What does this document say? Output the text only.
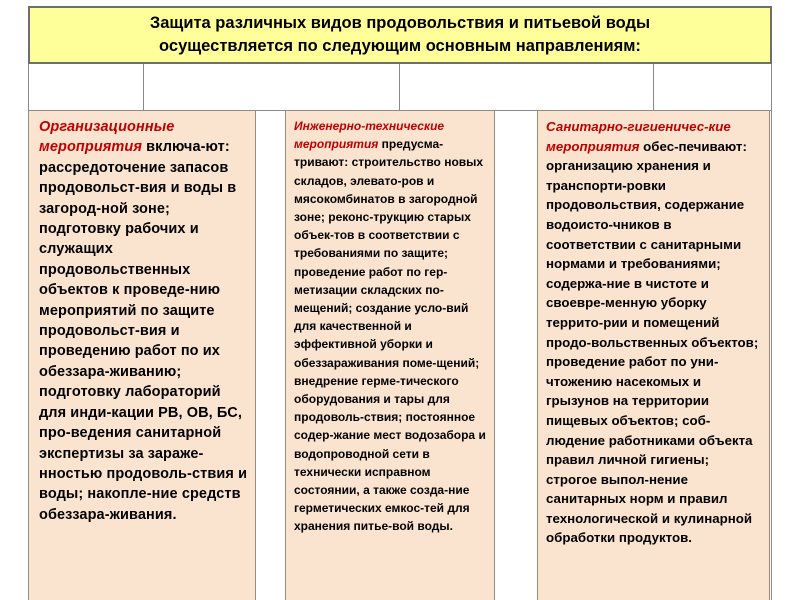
Защита различных видов продовольствия и питьевой воды
осуществляется по следующим основным направлениям:

Организационные мероприятия включа-ют: рассредоточение запасов продовольст-вия и воды в загород-ной зоне; подготовку рабочих и служащих продовольственных объектов к проведе-нию мероприятий по защите продовольст-вия и проведению работ по их обеззара-живанию; подготовку лабораторий для инди-кации РВ, ОВ, БС, про-ведения санитарной экспертизы за зараже-нностью продоволь-ствия и воды; накопле-ние средств обеззара-живания.

Инженерно-технические мероприятия предусма-тривают: строительство новых складов, элевато-ров и мясокомбинатов в загородной зоне; реконс-трукцию старых объек-тов в соответствии с требованиями по защите; проведение работ по гер-метизации складских по-мещений; создание усло-вий для качественной и эффективной уборки и обеззараживания поме-щений; внедрение герме-тического оборудования и тары для продоволь-ствия; постоянное содер-жание мест водозабора и водопроводной сети в технически исправном состоянии, а также созда-ние герметических емкос-тей для хранения питье-вой воды.

Санитарно-гигиеничес-кие мероприятия обес-печивают: организацию хранения и транспорти-ровки продовольствия, содержание водоисто-чников в соответствии с санитарными нормами и требованиями; содержа-ние в чистоте и своевре-менную уборку террито-рии и помещений продо-вольственных объектов; проведение работ по уни-чтожению насекомых и грызунов на территории пищевых объектов; соб-людение работниками объекта правил личной гигиены; строгое выпол-нение санитарных норм и правил технологической и кулинарной обработки продуктов.
